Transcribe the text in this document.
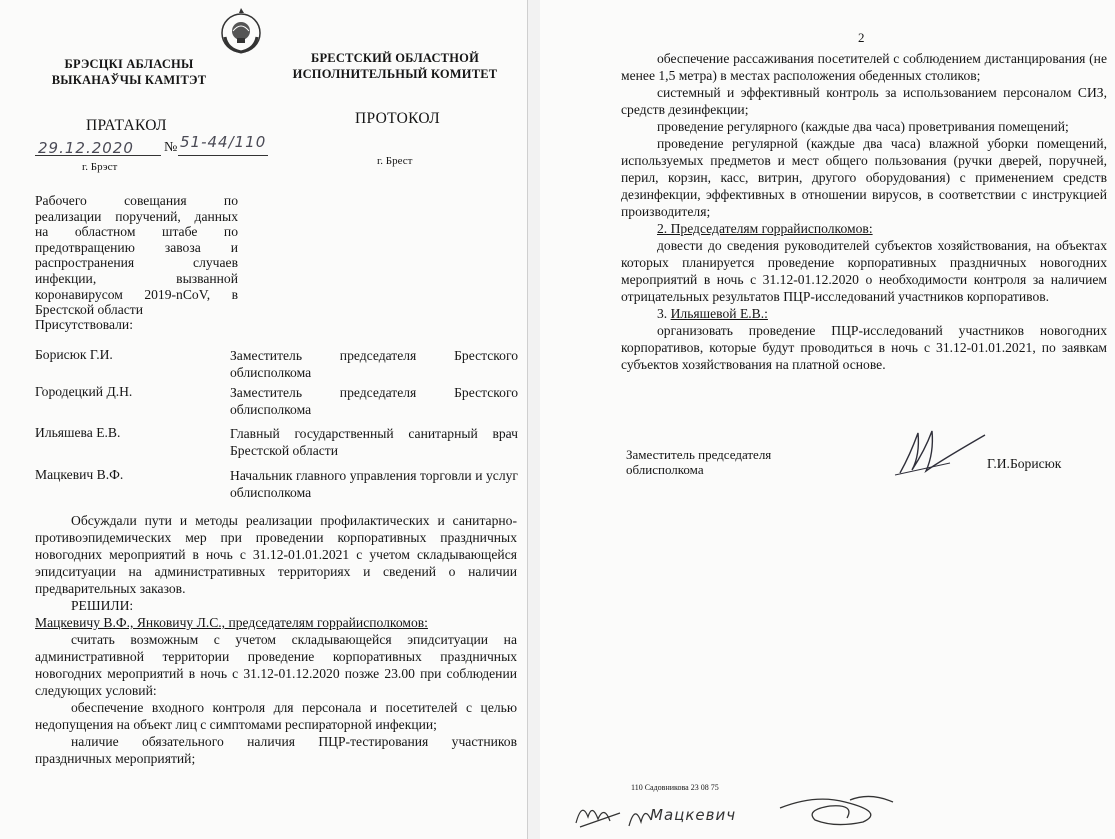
БРЭСЦКІ АБЛАСНЫ
ВЫКАНАЎЧЫ КАМІТЭТ
БРЕСТСКИЙ ОБЛАСТНОЙ
ИСПОЛНИТЕЛЬНЫЙ КОМИТЕТ
ПРАТАКОЛ	ПРОТОКОЛ
29.12.2020 № 51-44/110
г. Брэст	г. Брест
Рабочего совещания по
реализации поручений, данных
на областном штабе по
предотвращению завоза и
распространения случаев
инфекции, вызванной
коронавирусом 2019-nCoV, в
Брестской области
Присутствовали:
Борисюк Г.И.	Заместитель председателя Брестского облисполкома
Городецкий Д.Н.	Заместитель председателя Брестского облисполкома
Ильяшева Е.В.	Главный государственный санитарный врач Брестской области
Мацкевич В.Ф.	Начальник главного управления торговли и услуг облисполкома

Обсуждали пути и методы реализации профилактических и санитарно-противоэпидемических мер при проведении корпоративных праздничных новогодних мероприятий в ночь с 31.12-01.01.2021 с учетом складывающейся эпидситуации на административных территориях и сведений о наличии предварительных заказов.

РЕШИЛИ:

Мацкевичу В.Ф., Янковичу Л.С., председателям горрайисполкомов:

считать возможным с учетом складывающейся эпидситуации на административной территории проведение корпоративных праздничных новогодних мероприятий в ночь с 31.12-01.12.2020 позже 23.00 при соблюдении следующих условий:

обеспечение входного контроля для персонала и посетителей с целью недопущения на объект лиц с симптомами респираторной инфекции;

наличие обязательного наличия ПЦР-тестирования участников праздничных мероприятий;

2

обеспечение рассаживания посетителей с соблюдением дистанцирования (не менее 1,5 метра) в местах расположения обеденных столиков;

системный и эффективный контроль за использованием персоналом СИЗ, средств дезинфекции;

проведение регулярного (каждые два часа) проветривания помещений;

проведение регулярной (каждые два часа) влажной уборки помещений, используемых предметов и мест общего пользования (ручки дверей, поручней, перил, корзин, касс, витрин, другого оборудования) с применением средств дезинфекции, эффективных в отношении вирусов, в соответствии с инструкцией производителя;

2. Председателям горрайисполкомов:

довести до сведения руководителей субъектов хозяйствования, на объектах которых планируется проведение корпоративных праздничных новогодних мероприятий в ночь с 31.12-01.12.2020 о необходимости контроля за наличием отрицательных результатов ПЦР-исследований участников корпоративов.

3. Ильяшевой Е.В.:

организовать проведение ПЦР-исследований участников новогодних корпоративов, которые будут проводиться в ночь с 31.12-01.01.2021, по заявкам субъектов хозяйствования на платной основе.

Заместитель председателя
облисполкома	Г.И.Борисюк
110 Садовникова 23 08 75
Мацкевич
